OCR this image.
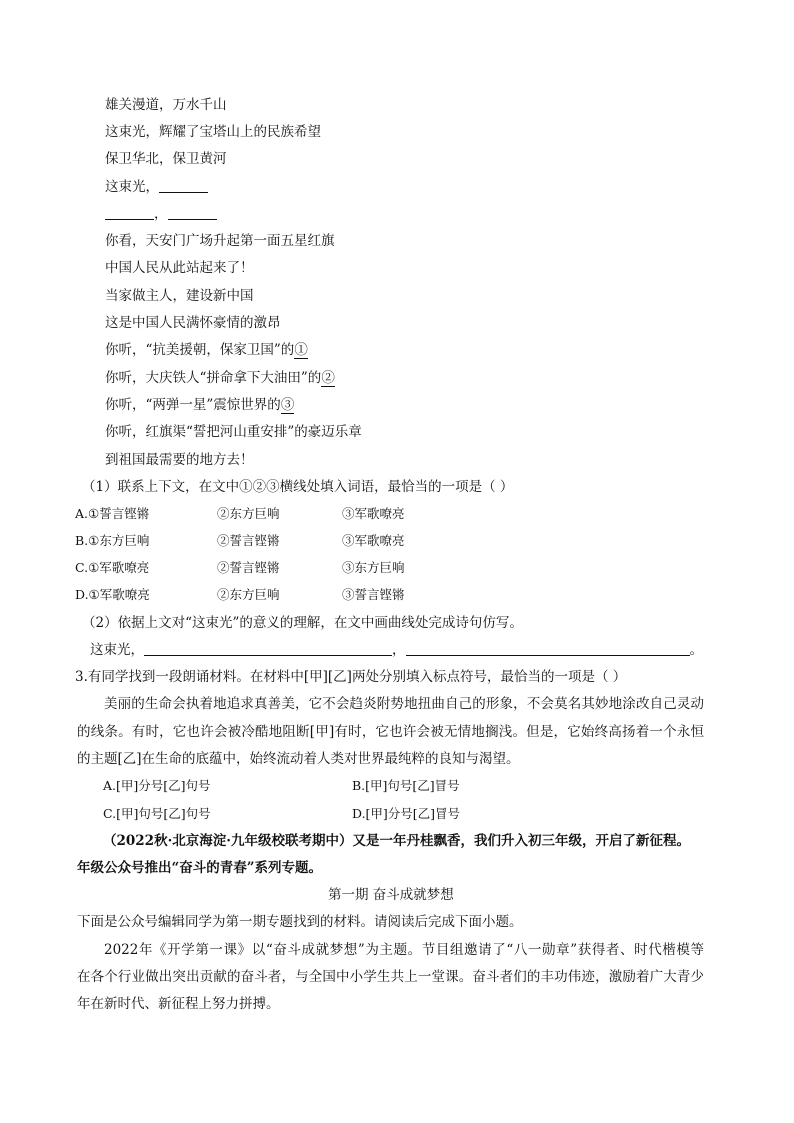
雄关漫道，万水千山
这束光，辉耀了宝塔山上的民族希望
保卫华北，保卫黄河
这束光，
，
你看，天安门广场升起第一面五星红旗
中国人民从此站起来了！
当家做主人，建设新中国
这是中国人民满怀豪情的激昂
你听，“抗美援朝，保家卫国”的①
你听，大庆铁人“拼命拿下大油田”的②
你听，“两弹一星”震惊世界的③
你听，红旗渠“誓把河山重安排”的豪迈乐章
到祖国最需要的地方去！
（1）联系上下文，在文中①②③横线处填入词语，最恰当的一项是（ ）
A.①誓言铿锵	②东方巨响	③军歌嘹亮
B.①东方巨响	②誓言铿锵	③军歌嘹亮
C.①军歌嘹亮	②誓言铿锵	③东方巨响
D.①军歌嘹亮	②东方巨响	③誓言铿锵
（2）依据上文对“这束光”的意义的理解，在文中画曲线处完成诗句仿写。
这束光，	，	。
3.有同学找到一段朗诵材料。在材料中[甲][乙]两处分别填入标点符号，最恰当的一项是（ ）
美丽的生命会执着地追求真善美，它不会趋炎附势地扭曲自己的形象，不会莫名其妙地涂改自己灵动
的线条。有时，它也许会被冷酷地阻断[甲]有时，它也许会被无情地搁浅。但是，它始终高扬着一个永恒
的主题[乙]在生命的底蕴中，始终流动着人类对世界最纯粹的良知与渴望。
A.[甲]分号[乙]句号	B.[甲]句号[乙]冒号
C.[甲]句号[乙]句号	D.[甲]分号[乙]冒号
（2022秋·北京海淀·九年级校联考期中）又是一年丹桂飘香，我们升入初三年级，开启了新征程。
年级公众号推出“奋斗的青春”系列专题。
第一期 奋斗成就梦想
下面是公众号编辑同学为第一期专题找到的材料。请阅读后完成下面小题。
2022年《开学第一课》以“奋斗成就梦想”为主题。节目组邀请了“八一勋章”获得者、时代楷模等
在各个行业做出突出贡献的奋斗者，与全国中小学生共上一堂课。奋斗者们的丰功伟迹，激励着广大青少
年在新时代、新征程上努力拼搏。
